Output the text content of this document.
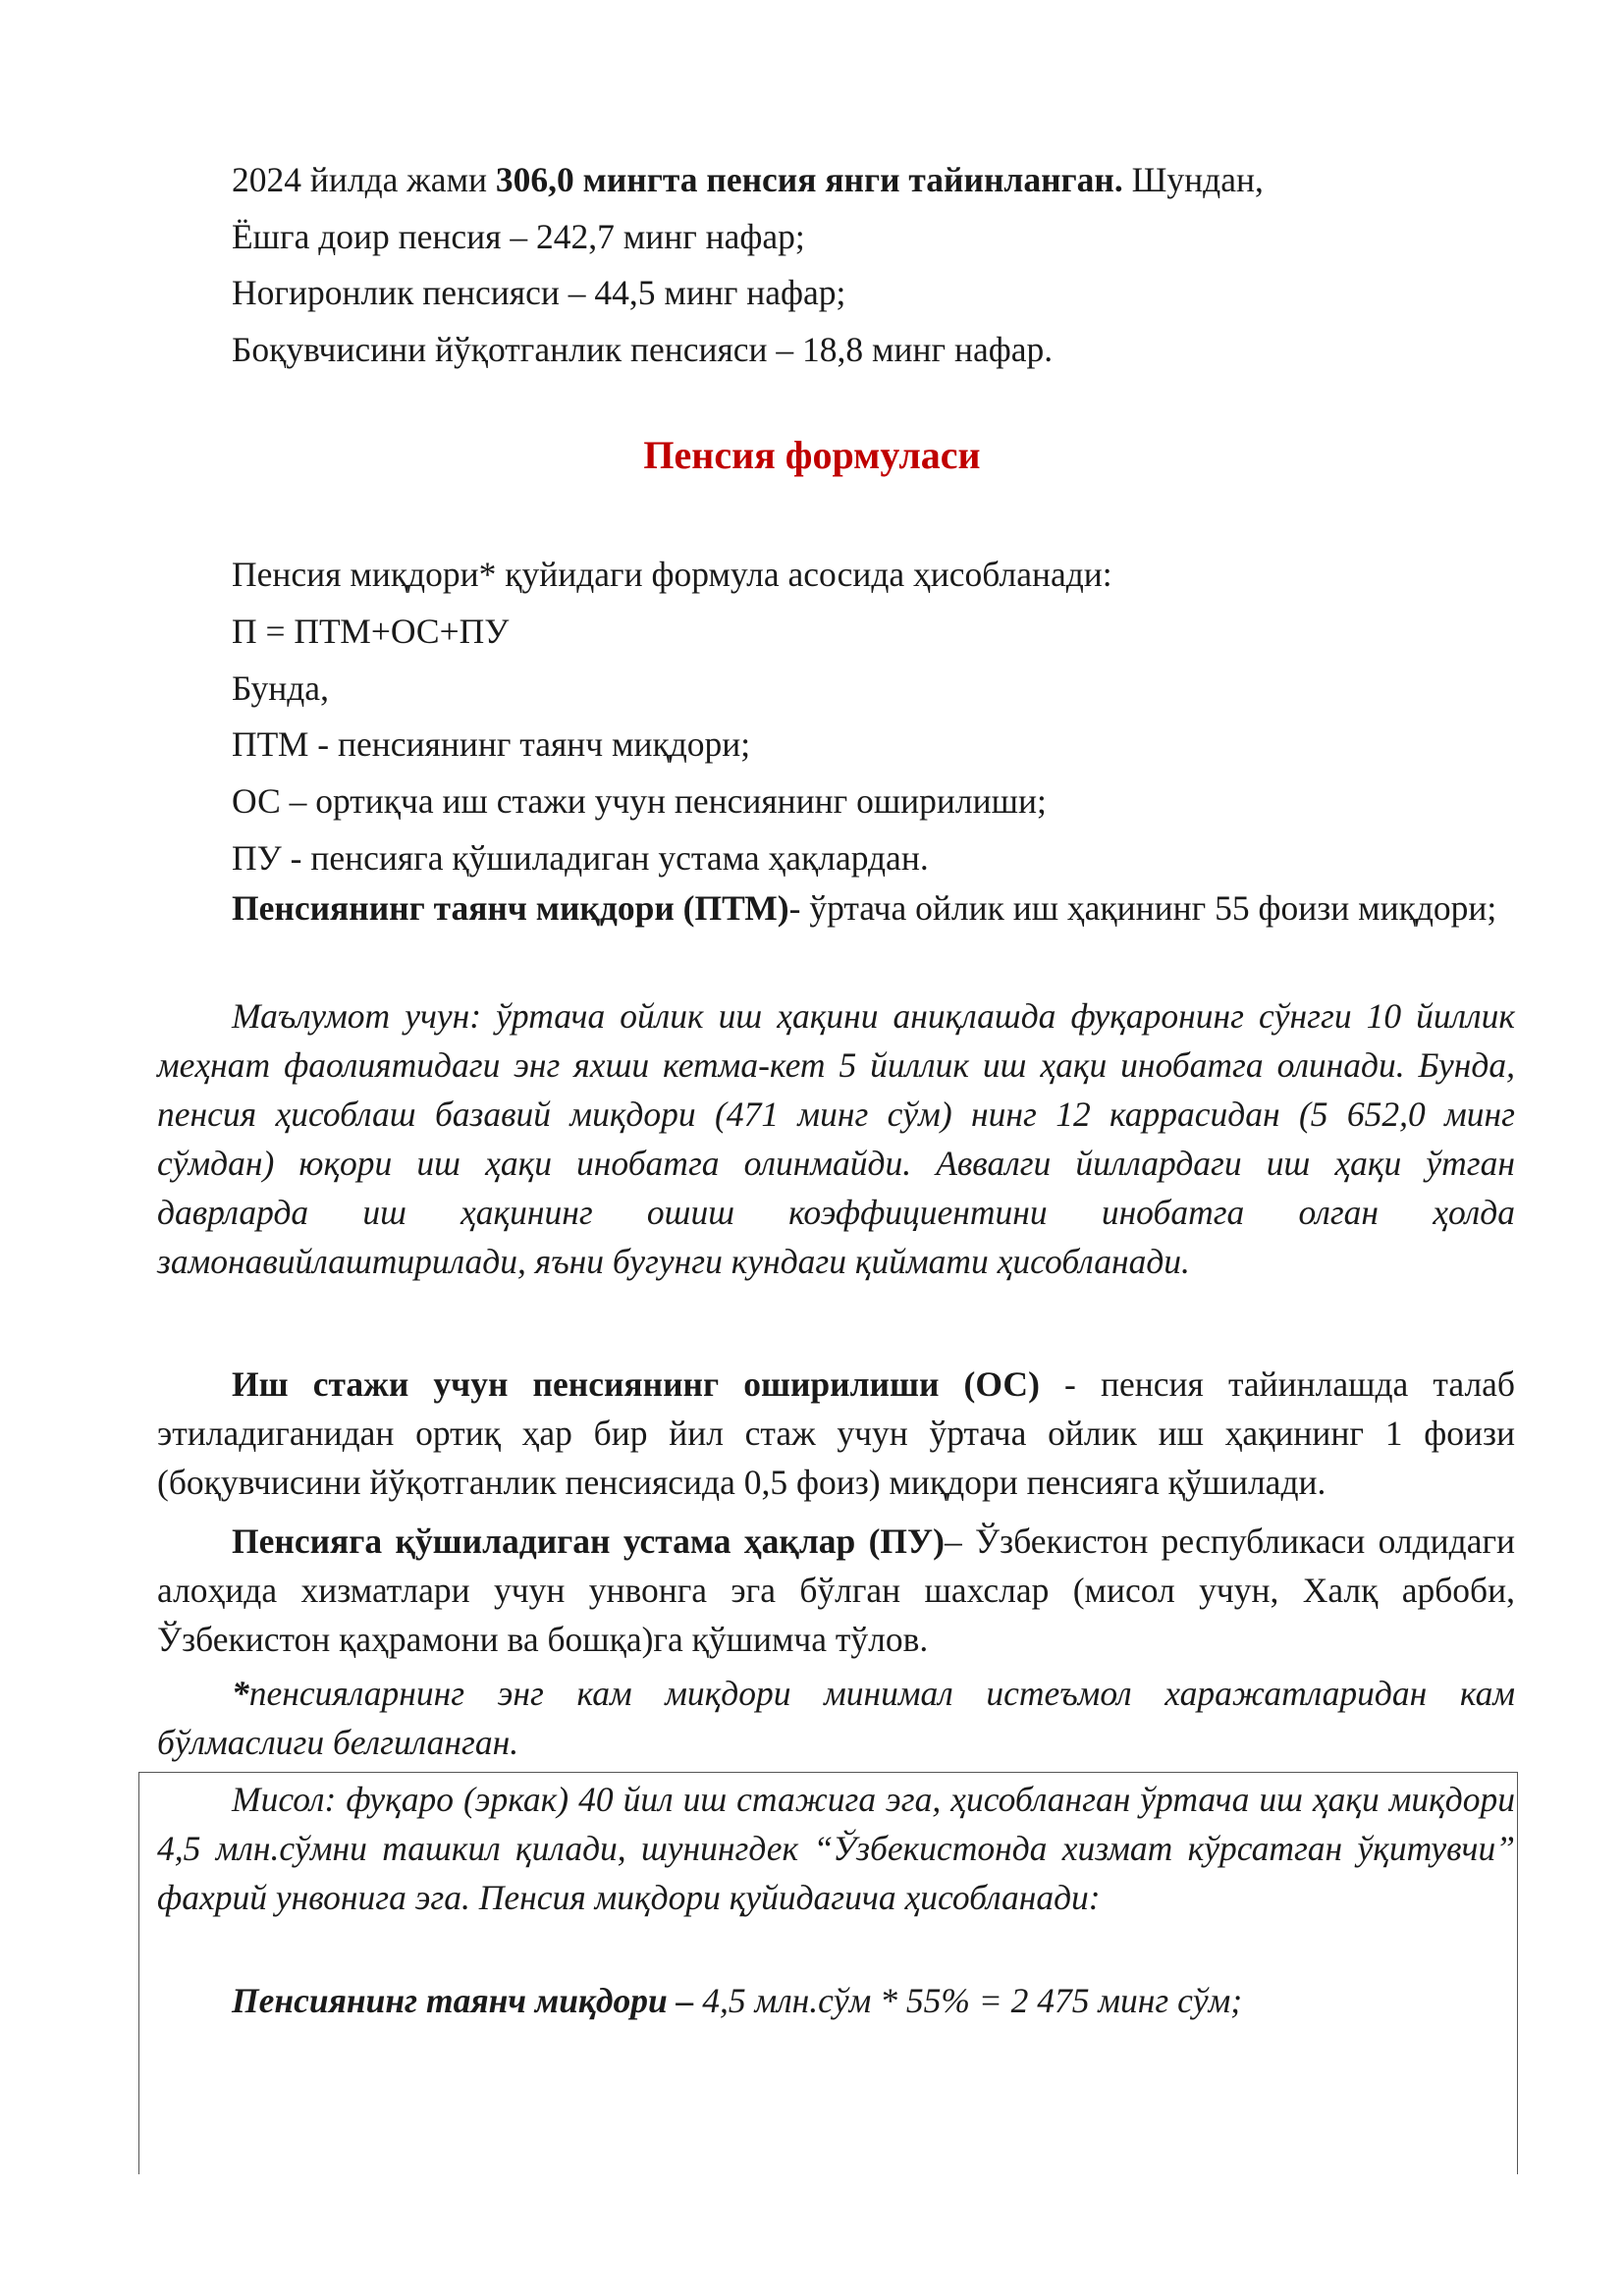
2024 йилда жами 306,0 мингта пенсия янги тайинланган. Шундан,

Ёшга доир пенсия – 242,7 минг нафар;

Ногиронлик пенсияси – 44,5 минг нафар;

Боқувчисини йўқотганлик пенсияси – 18,8 минг нафар.

Пенсия формуласи

Пенсия миқдори* қуйидаги формула асосида ҳисобланади:

П = ПТМ+ОС+ПУ

Бунда,

ПТМ - пенсиянинг таянч миқдори;

ОС – ортиқча иш стажи учун пенсиянинг оширилиши;

ПУ - пенсияга қўшиладиган устама ҳақлардан.

Пенсиянинг таянч миқдори (ПТМ)- ўртача ойлик иш ҳақининг 55 фоизи миқдори;

Маълумот учун: ўртача ойлик иш ҳақини аниқлашда фуқаронинг сўнгги 10 йиллик меҳнат фаолиятидаги энг яхши кетма-кет 5 йиллик иш ҳақи инобатга олинади. Бунда, пенсия ҳисоблаш базавий миқдори (471 минг сўм) нинг 12 каррасидан (5 652,0 минг сўмдан) юқори иш ҳақи инобатга олинмайди. Аввалги йиллардаги иш ҳақи ўтган даврларда иш ҳақининг ошиш коэффициентини инобатга олган ҳолда замонавийлаштирилади, яъни бугунги кундаги қиймати ҳисобланади.

Иш стажи учун пенсиянинг оширилиши (ОС) - пенсия тайинлашда талаб этиладиганидан ортиқ ҳар бир йил стаж учун ўртача ойлик иш ҳақининг 1 фоизи (боқувчисини йўқотганлик пенсиясида 0,5 фоиз) миқдори пенсияга қўшилади.

Пенсияга қўшиладиган устама ҳақлар (ПУ)– Ўзбекистон республикаси олдидаги алоҳида хизматлари учун унвонга эга бўлган шахслар (мисол учун, Халқ арбоби, Ўзбекистон қаҳрамони ва бошқа)га қўшимча тўлов.

*пенсияларнинг энг кам миқдори минимал истеъмол харажатларидан кам бўлмаслиги белгиланган.

Мисол: фуқаро (эркак) 40 йил иш стажига эга, ҳисобланган ўртача иш ҳақи миқдори 4,5 млн.сўмни ташкил қилади, шунингдек “Ўзбекистонда хизмат кўрсатган ўқитувчи” фахрий унвонига эга. Пенсия миқдори қуйидагича ҳисобланади:

Пенсиянинг таянч миқдори – 4,5 млн.сўм * 55% = 2 475 минг сўм;
